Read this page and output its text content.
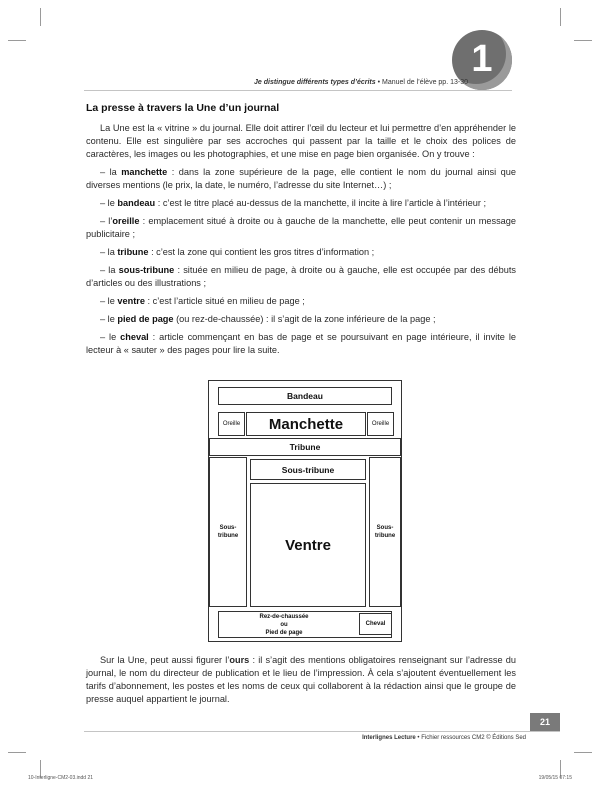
1
Je distingue différents types d’écrits • Manuel de l’élève pp. 13-30
La presse à travers la Une d’un journal

La Une est la « vitrine » du journal. Elle doit attirer l’œil du lecteur et lui permettre d’en appréhender le contenu. Elle est singulière par ses accroches qui passent par la taille et le choix des polices de caractères, les images ou les photographies, et une mise en page bien organisée. On y trouve :

– la manchette : dans la zone supérieure de la page, elle contient le nom du journal ainsi que diverses mentions (le prix, la date, le numéro, l’adresse du site Internet…) ;

– le bandeau : c’est le titre placé au-dessus de la manchette, il incite à lire l’article à l’intérieur ;

– l’oreille : emplacement situé à droite ou à gauche de la manchette, elle peut contenir un message publicitaire ;

– la tribune : c’est la zone qui contient les gros titres d’information ;

– la sous-tribune : située en milieu de page, à droite ou à gauche, elle est occupée par des débuts d’articles ou des illustrations ;

– le ventre : c’est l’article situé en milieu de page ;

– le pied de page (ou rez-de-chaussée) : il s’agit de la zone inférieure de la page ;

– le cheval : article commençant en bas de page et se poursuivant en page intérieure, il invite le lecteur à « sauter » des pages pour lire la suite.

Bandeau
Oreille Manchette	Oreille
Tribune
Sous-
tribune
Sous-tribune
Ventre
Sous-
tribune
Rez-de-chaussée
ou
Pied de page
Cheval

Sur la Une, peut aussi figurer l’ours : il s’agit des mentions obligatoires renseignant sur l’adresse du journal, le nom du directeur de publication et le lieu de l’impression. À cela s’ajoutent éventuellement les tarifs d’abonnement, les postes et les noms de ceux qui collaborent à la rédaction ainsi que le groupe de presse auquel appartient le journal.

21
Interlignes Lecture • Fichier ressources CM2 © Éditions Sed
10-Interligne-CM2-03.indd 21	19/05/15 07:15
